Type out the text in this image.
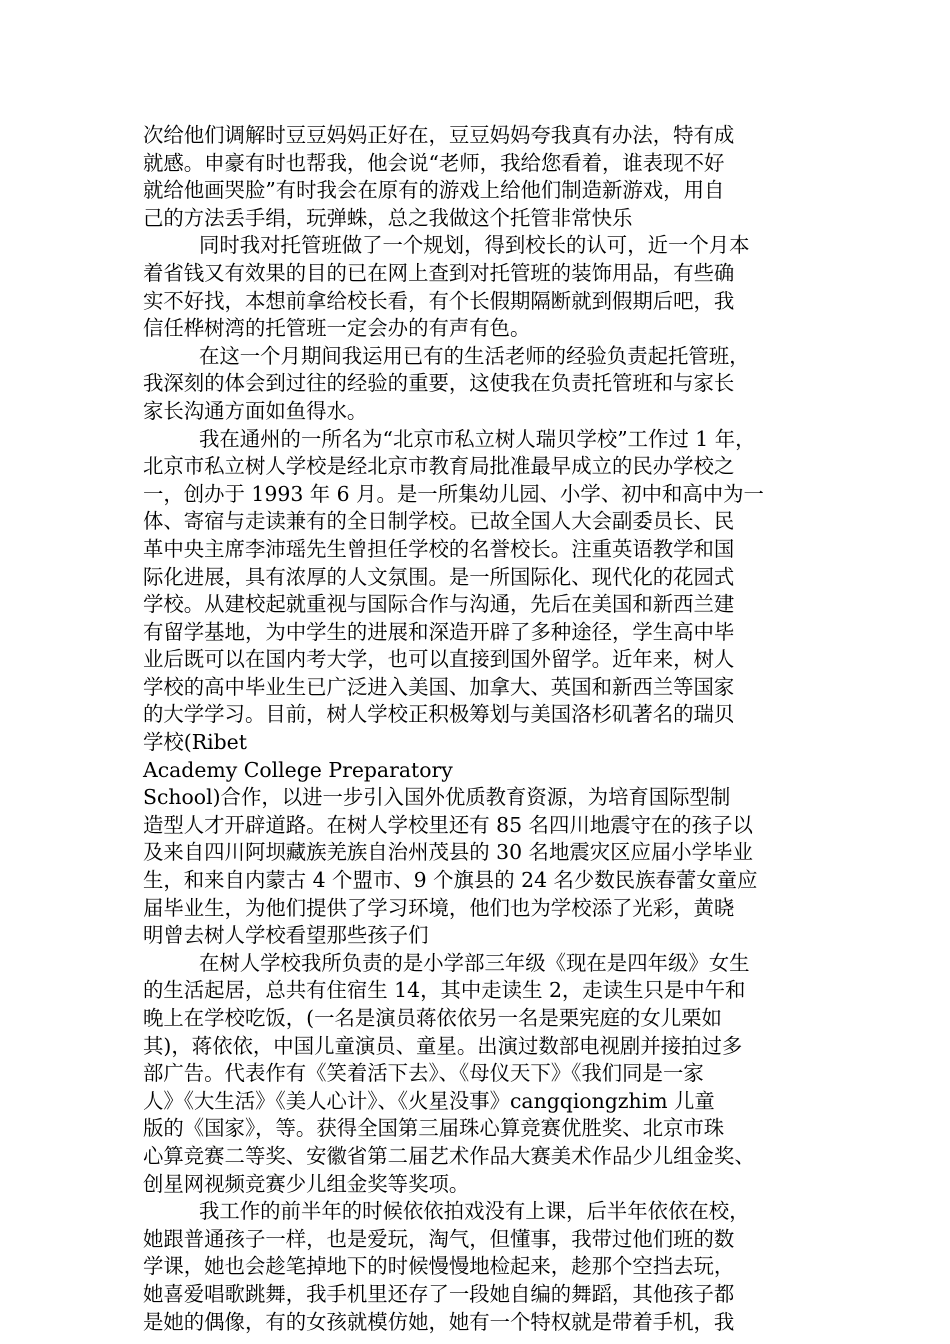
次给他们调解时豆豆妈妈正好在，豆豆妈妈夸我真有办法，特有成
就感。申豪有时也帮我，他会说“老师，我给您看着，谁表现不好
就给他画哭脸”有时我会在原有的游戏上给他们制造新游戏，用自
己的方法丢手绢，玩弹蛛，总之我做这个托管非常快乐
同时我对托管班做了一个规划，得到校长的认可，近一个月本
着省钱又有效果的目的已在网上查到对托管班的装饰用品，有些确
实不好找，本想前拿给校长看，有个长假期隔断就到假期后吧，我
信任桦树湾的托管班一定会办的有声有色。
在这一个月期间我运用已有的生活老师的经验负责起托管班，
我深刻的体会到过往的经验的重要，这使我在负责托管班和与家长
家长沟通方面如鱼得水。
我在通州的一所名为“北京市私立树人瑞贝学校”工作过 1 年，
北京市私立树人学校是经北京市教育局批准最早成立的民办学校之
一，创办于 1993 年 6 月。是一所集幼儿园、小学、初中和高中为一
体、寄宿与走读兼有的全日制学校。已故全国人大会副委员长、民
革中央主席李沛瑶先生曾担任学校的名誉校长。注重英语教学和国
际化进展，具有浓厚的人文氛围。是一所国际化、现代化的花园式
学校。从建校起就重视与国际合作与沟通，先后在美国和新西兰建
有留学基地，为中学生的进展和深造开辟了多种途径，学生高中毕
业后既可以在国内考大学，也可以直接到国外留学。近年来，树人
学校的高中毕业生已广泛进入美国、加拿大、英国和新西兰等国家
的大学学习。目前，树人学校正积极筹划与美国洛杉矶著名的瑞贝
学校(Ribet
Academy College Preparatory
School)合作，以进一步引入国外优质教育资源，为培育国际型制
造型人才开辟道路。在树人学校里还有 85 名四川地震守在的孩子以
及来自四川阿坝藏族羌族自治州茂县的 30 名地震灾区应届小学毕业
生，和来自内蒙古 4 个盟市、9 个旗县的 24 名少数民族春蕾女童应
届毕业生，为他们提供了学习环境，他们也为学校添了光彩，黄晓
明曾去树人学校看望那些孩子们
在树人学校我所负责的是小学部三年级《现在是四年级》女生
的生活起居，总共有住宿生 14，其中走读生 2，走读生只是中午和
晚上在学校吃饭，(一名是演员蒋依依另一名是栗宪庭的女儿栗如
其)，蒋依依，中国儿童演员、童星。出演过数部电视剧并接拍过多
部广告。代表作有《笑着活下去》、《母仪天下》《我们同是一家
人》《大生活》《美人心计》、《火星没事》cangqiongzhim 儿童
版的《国家》，等。获得全国第三届珠心算竞赛优胜奖、北京市珠
心算竞赛二等奖、安徽省第二届艺术作品大赛美术作品少儿组金奖、
创星网视频竞赛少儿组金奖等奖项。
我工作的前半年的时候依依拍戏没有上课，后半年依依在校，
她跟普通孩子一样，也是爱玩，淘气，但懂事，我带过他们班的数
学课，她也会趁笔掉地下的时候慢慢地检起来，趁那个空挡去玩，
她喜爱唱歌跳舞，我手机里还存了一段她自编的舞蹈，其他孩子都
是她的偶像，有的女孩就模仿她，她有一个特权就是带着手机，我
